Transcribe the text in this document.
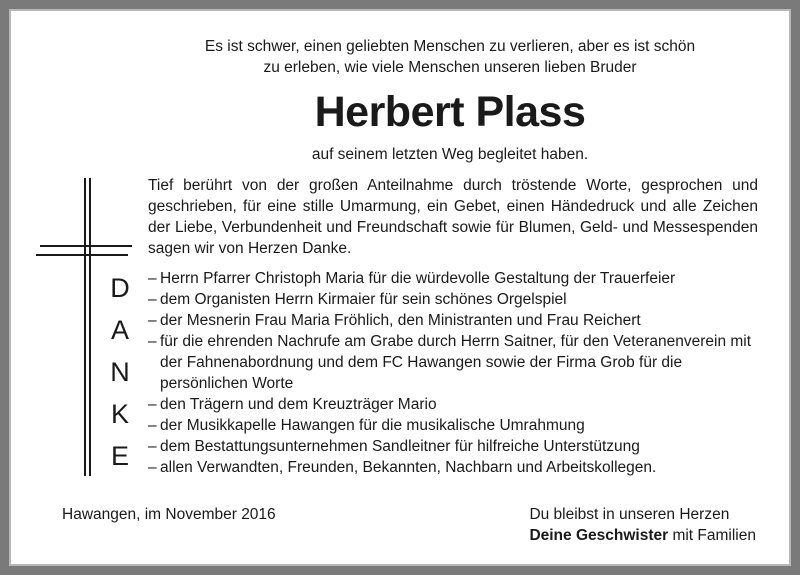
Es ist schwer, einen geliebten Menschen zu verlieren, aber es ist schön
zu erleben, wie viele Menschen unseren lieben Bruder
Herbert Plass
auf seinem letzten Weg begleitet haben.
Tief berührt von der großen Anteilnahme durch tröstende Worte, gesprochen und geschrieben, für eine stille Umarmung, ein Gebet, einen Händedruck und alle Zeichen der Liebe, Verbundenheit und Freundschaft sowie für Blumen, Geld- und Messespenden sagen wir von Herzen Danke.
D
A
N
K
E
– Herrn Pfarrer Christoph Maria für die würdevolle Gestaltung der Trauerfeier
– dem Organisten Herrn Kirmaier für sein schönes Orgelspiel
– der Mesnerin Frau Maria Fröhlich, den Ministranten und Frau Reichert
– für die ehrenden Nachrufe am Grabe durch Herrn Saitner, für den Veteranenverein mit der Fahnenabordnung und dem FC Hawangen sowie der Firma Grob für die persönlichen Worte
– den Trägern und dem Kreuzträger Mario
– der Musikkapelle Hawangen für die musikalische Umrahmung
– dem Bestattungsunternehmen Sandleitner für hilfreiche Unterstützung
– allen Verwandten, Freunden, Bekannten, Nachbarn und Arbeitskollegen.
Hawangen, im November 2016	Du bleibst in unseren Herzen
Deine Geschwister mit Familien
